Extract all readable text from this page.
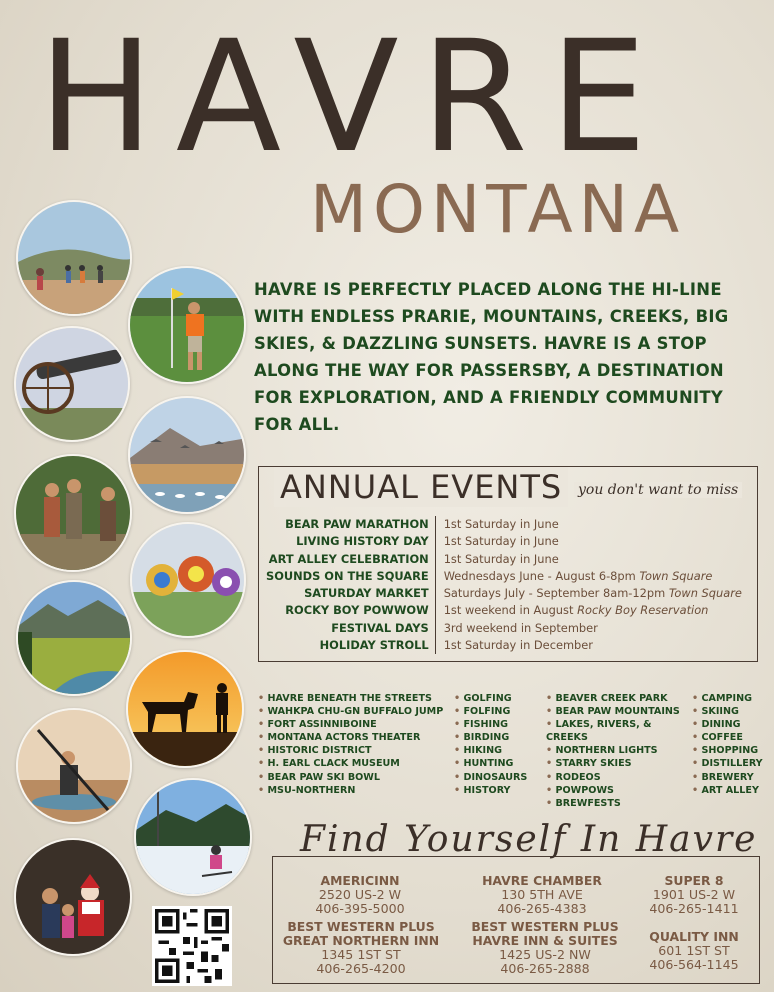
HAVRE
MONTANA

HAVRE IS PERFECTLY PLACED ALONG THE HI-LINE WITH ENDLESS PRARIE, MOUNTAINS, CREEKS, BIG SKIES, & DAZZLING SUNSETS. HAVRE IS A STOP ALONG THE WAY FOR PASSERSBY, A DESTINATION FOR EXPLORATION, AND A FRIENDLY COMMUNITY FOR ALL.

ANNUAL EVENTS	you don't want to miss
BEAR PAW MARATHON	1st Saturday in June
LIVING HISTORY DAY	1st Saturday in June
ART ALLEY CELEBRATION	1st Saturday in June
SOUNDS ON THE SQUARE	Wednesdays June - August 6-8pm Town Square
SATURDAY MARKET	Saturdays July - September 8am-12pm Town Square
ROCKY BOY POWWOW	1st weekend in August Rocky Boy Reservation
FESTIVAL DAYS	3rd weekend in September
HOLIDAY STROLL	1st Saturday in December
• HAVRE BENEATH THE STREETS
• WAHKPA CHU-GN BUFFALO JUMP
• FORT ASSINNIBOINE
• MONTANA ACTORS THEATER
• HISTORIC DISTRICT
• H. EARL CLACK MUSEUM
• BEAR PAW SKI BOWL
• MSU-NORTHERN
• GOLFING
• FOLFING
• FISHING
• BIRDING
• HIKING
• HUNTING
• DINOSAURS
• HISTORY
• BEAVER CREEK PARK
• BEAR PAW MOUNTAINS
• LAKES, RIVERS, & CREEKS
• NORTHERN LIGHTS
• STARRY SKIES
• RODEOS
• POWPOWS
• BREWFESTS
• CAMPING
• SKIING
• DINING
• COFFEE
• SHOPPING
• DISTILLERY
• BREWERY
• ART ALLEY
Find Yourself In Havre
AMERICINN
2520 US-2 W
406-395-5000
HAVRE CHAMBER
130 5TH AVE
406-265-4383
SUPER 8
1901 US-2 W
406-265-1411
BEST WESTERN PLUS
GREAT NORTHERN INN
1345 1ST ST
406-265-4200
BEST WESTERN PLUS
HAVRE INN & SUITES
1425 US-2 NW
406-265-2888
QUALITY INN
601 1ST ST
406-564-1145
